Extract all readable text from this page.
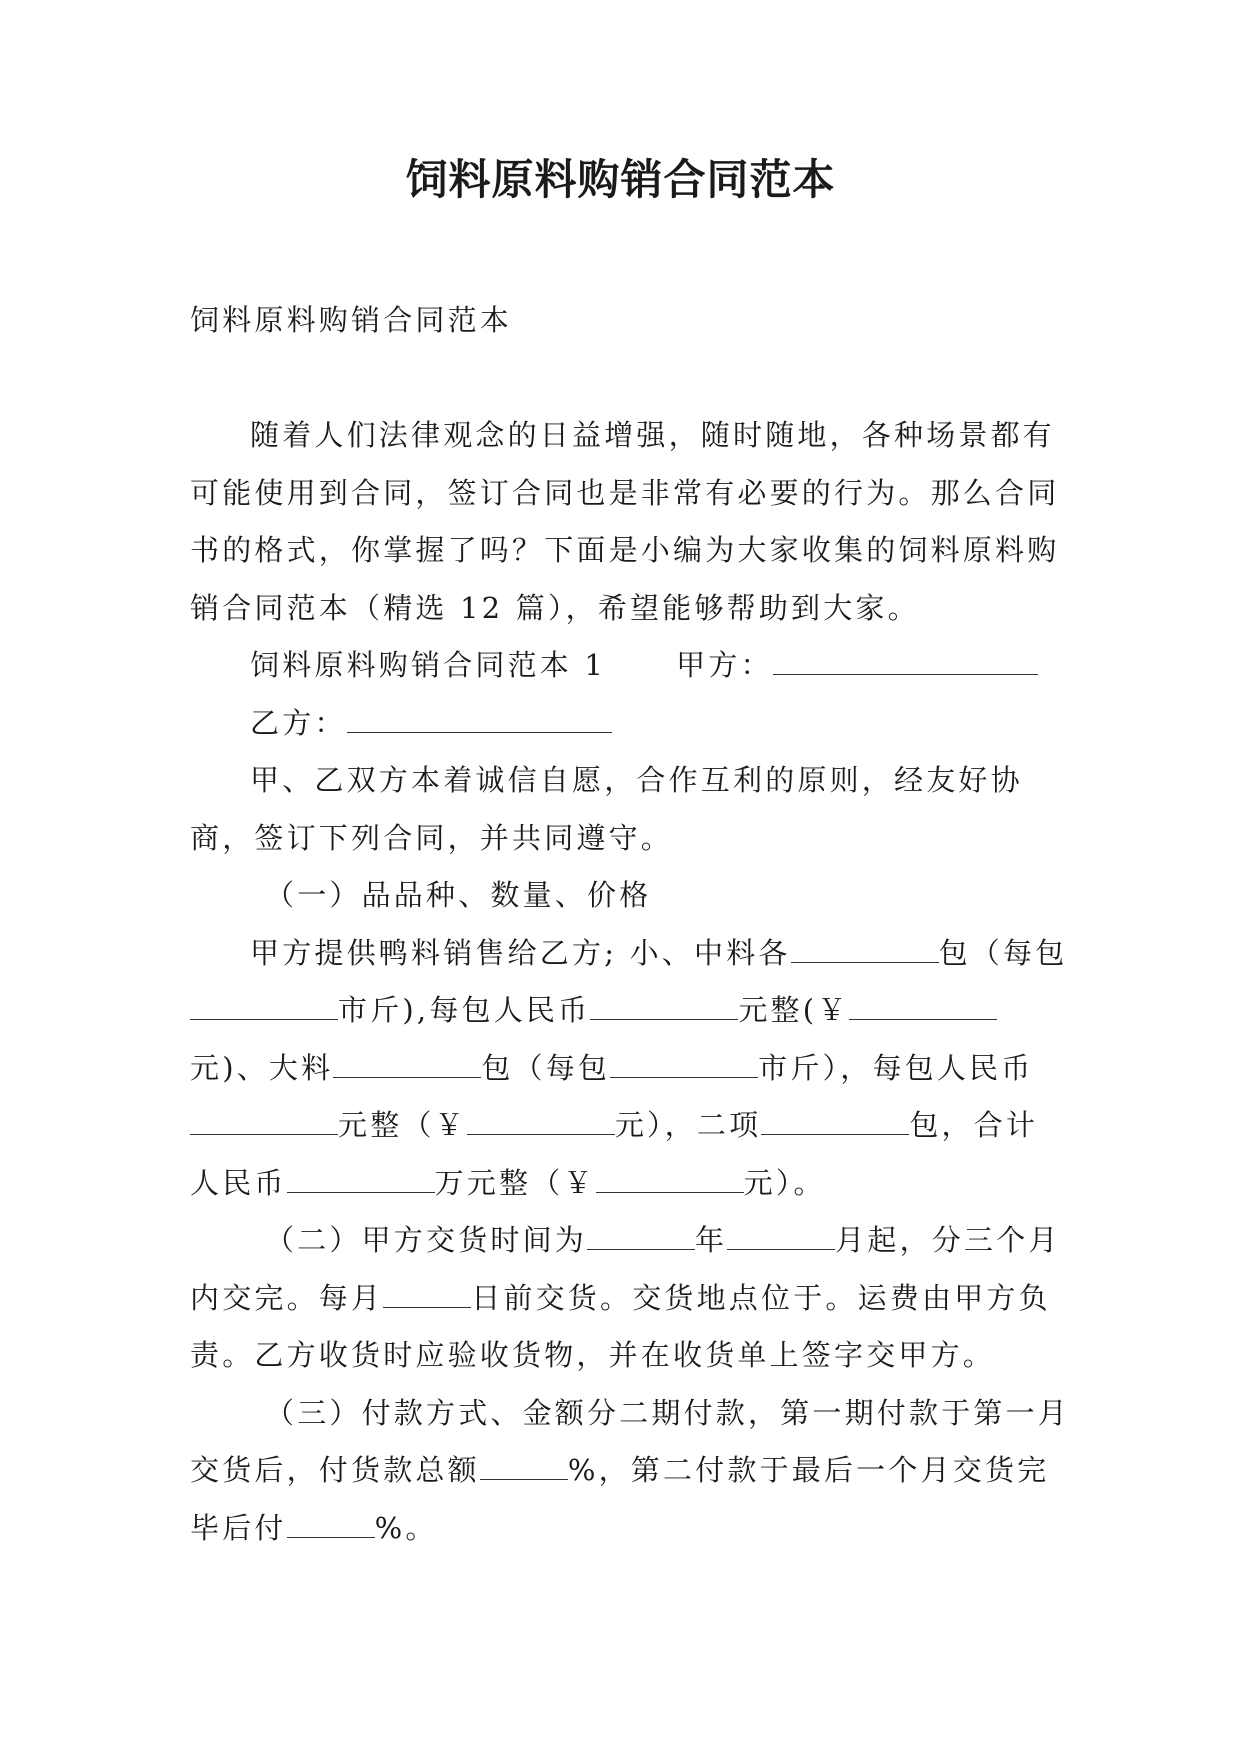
饲料原料购销合同范本

饲料原料购销合同范本

随着人们法律观念的日益增强，随时随地，各种场景都有可能使用到合同，签订合同也是非常有必要的行为。那么合同书的格式，你掌握了吗？下面是小编为大家收集的饲料原料购销合同范本（精选 12 篇），希望能够帮助到大家。

饲料原料购销合同范本 1 甲方：

乙方：

甲、乙双方本着诚信自愿，合作互利的原则，经友好协商，签订下列合同，并共同遵守。

（一）品品种、数量、价格

甲方提供鸭料销售给乙方; 小、中料各	包（每包市斤),每包人民币	元整(￥元)、大料	包（每包	市斤），每包人民币元整（￥	元），二项	包，合计人民币	万元整（￥	元）。

（二）甲方交货时间为	年	月起，分三个月内交完。每月	日前交货。交货地点位于。运费由甲方负责。乙方收货时应验收货物，并在收货单上签字交甲方。

（三）付款方式、金额分二期付款，第一期付款于第一月交货后，付货款总额	%，第二付款于最后一个月交货完毕后付	%。
